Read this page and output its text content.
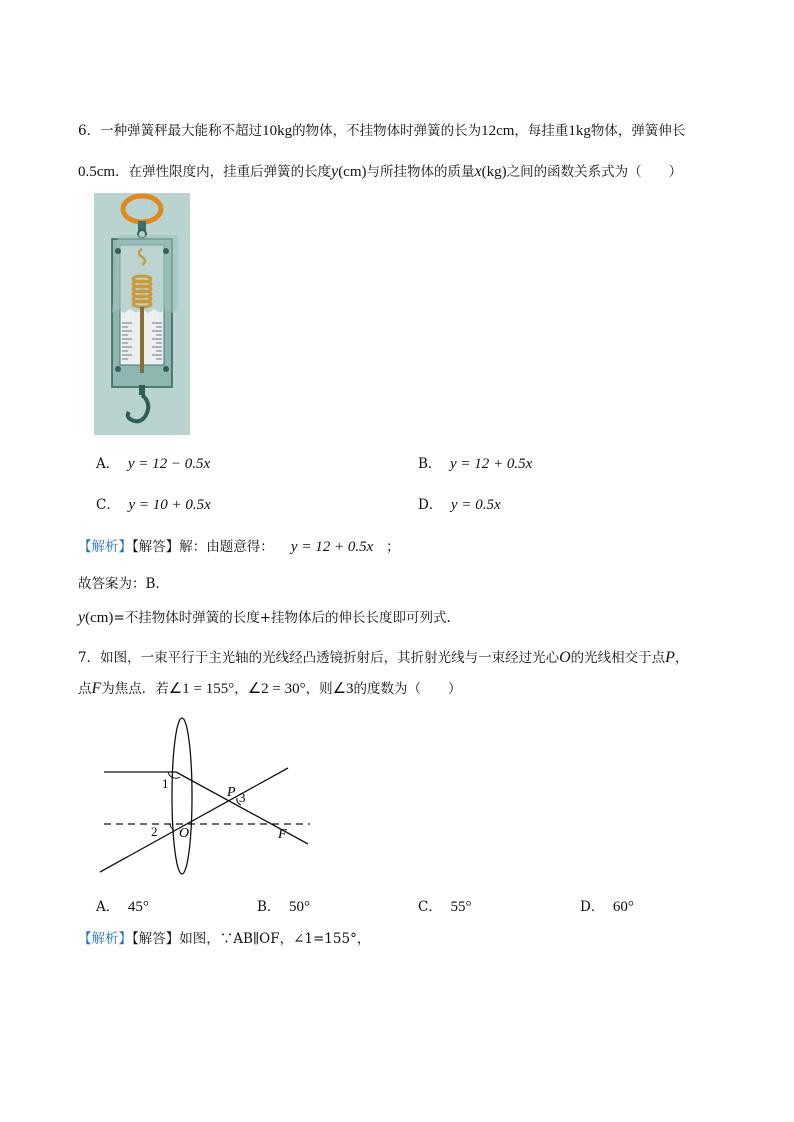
6．一种弹簧秤最大能称不超过10kg的物体，不挂物体时弹簧的长为12cm，每挂重1kg物体，弹簧伸长
0.5cm．在弹性限度内，挂重后弹簧的长度y(cm)与所挂物体的质量x(kg)之间的函数关系式为（　　）
A． y = 12 − 0.5x	B． y = 12 + 0.5x
C． y = 10 + 0.5x	D． y = 0.5x
【解析】【解答】解：由题意得： y = 12 + 0.5x ；
故答案为：B.
y(cm)=不挂物体时弹簧的长度+挂物体后的伸长长度即可列式.
7．如图，一束平行于主光轴的光线经凸透镜折射后，其折射光线与一束经过光心O的光线相交于点P，
点F为焦点．若∠1 = 155°，∠2 = 30°，则∠3的度数为（　　）
1
2
3
P
O	F
A． 45°	B． 50°	C． 55°	D． 60°
【解析】【解答】如图，∵AB∥OF，∠1=155°，
